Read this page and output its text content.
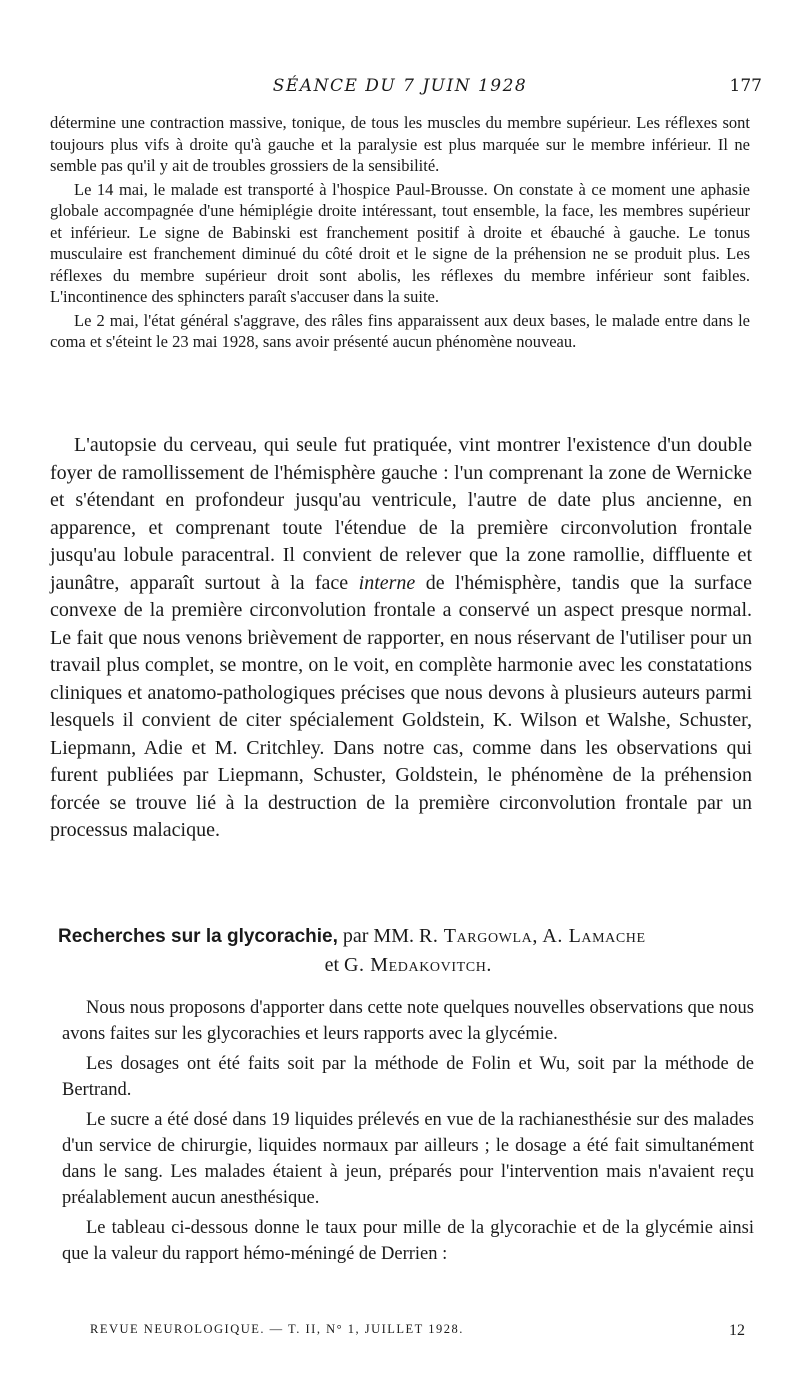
SÉANCE DU 7 JUIN 1928	177

détermine une contraction massive, tonique, de tous les muscles du membre supérieur. Les réflexes sont toujours plus vifs à droite qu'à gauche et la paralysie est plus marquée sur le membre inférieur. Il ne semble pas qu'il y ait de troubles grossiers de la sensibilité.

Le 14 mai, le malade est transporté à l'hospice Paul-Brousse. On constate à ce moment une aphasie globale accompagnée d'une hémiplégie droite intéressant, tout ensemble, la face, les membres supérieur et inférieur. Le signe de Babinski est franchement positif à droite et ébauché à gauche. Le tonus musculaire est franchement diminué du côté droit et le signe de la préhension ne se produit plus. Les réflexes du membre supérieur droit sont abolis, les réflexes du membre inférieur sont faibles. L'incontinence des sphincters paraît s'accuser dans la suite.

Le 2 mai, l'état général s'aggrave, des râles fins apparaissent aux deux bases, le malade entre dans le coma et s'éteint le 23 mai 1928, sans avoir présenté aucun phénomène nouveau.

L'autopsie du cerveau, qui seule fut pratiquée, vint montrer l'existence d'un double foyer de ramollissement de l'hémisphère gauche : l'un comprenant la zone de Wernicke et s'étendant en profondeur jusqu'au ventricule, l'autre de date plus ancienne, en apparence, et comprenant toute l'étendue de la première circonvolution frontale jusqu'au lobule paracentral. Il convient de relever que la zone ramollie, diffluente et jaunâtre, apparaît surtout à la face interne de l'hémisphère, tandis que la surface convexe de la première circonvolution frontale a conservé un aspect presque normal. Le fait que nous venons brièvement de rapporter, en nous réservant de l'utiliser pour un travail plus complet, se montre, on le voit, en complète harmonie avec les constatations cliniques et anatomo-pathologiques précises que nous devons à plusieurs auteurs parmi lesquels il convient de citer spécialement Goldstein, K. Wilson et Walshe, Schuster, Liepmann, Adie et M. Critchley. Dans notre cas, comme dans les observations qui furent publiées par Liepmann, Schuster, Goldstein, le phénomène de la préhension forcée se trouve lié à la destruction de la première circonvolution frontale par un processus malacique.

Recherches sur la glycorachie, par MM. R. Targowla, A. Lamache
et G. Medakovitch.

Nous nous proposons d'apporter dans cette note quelques nouvelles observations que nous avons faites sur les glycorachies et leurs rapports avec la glycémie.

Les dosages ont été faits soit par la méthode de Folin et Wu, soit par la méthode de Bertrand.

Le sucre a été dosé dans 19 liquides prélevés en vue de la rachianesthésie sur des malades d'un service de chirurgie, liquides normaux par ailleurs ; le dosage a été fait simultanément dans le sang. Les malades étaient à jeun, préparés pour l'intervention mais n'avaient reçu préalablement aucun anesthésique.

Le tableau ci-dessous donne le taux pour mille de la glycorachie et de la glycémie ainsi que la valeur du rapport hémo-méningé de Derrien :

REVUE NEUROLOGIQUE. — T. II, N° 1, JUILLET 1928.	12
